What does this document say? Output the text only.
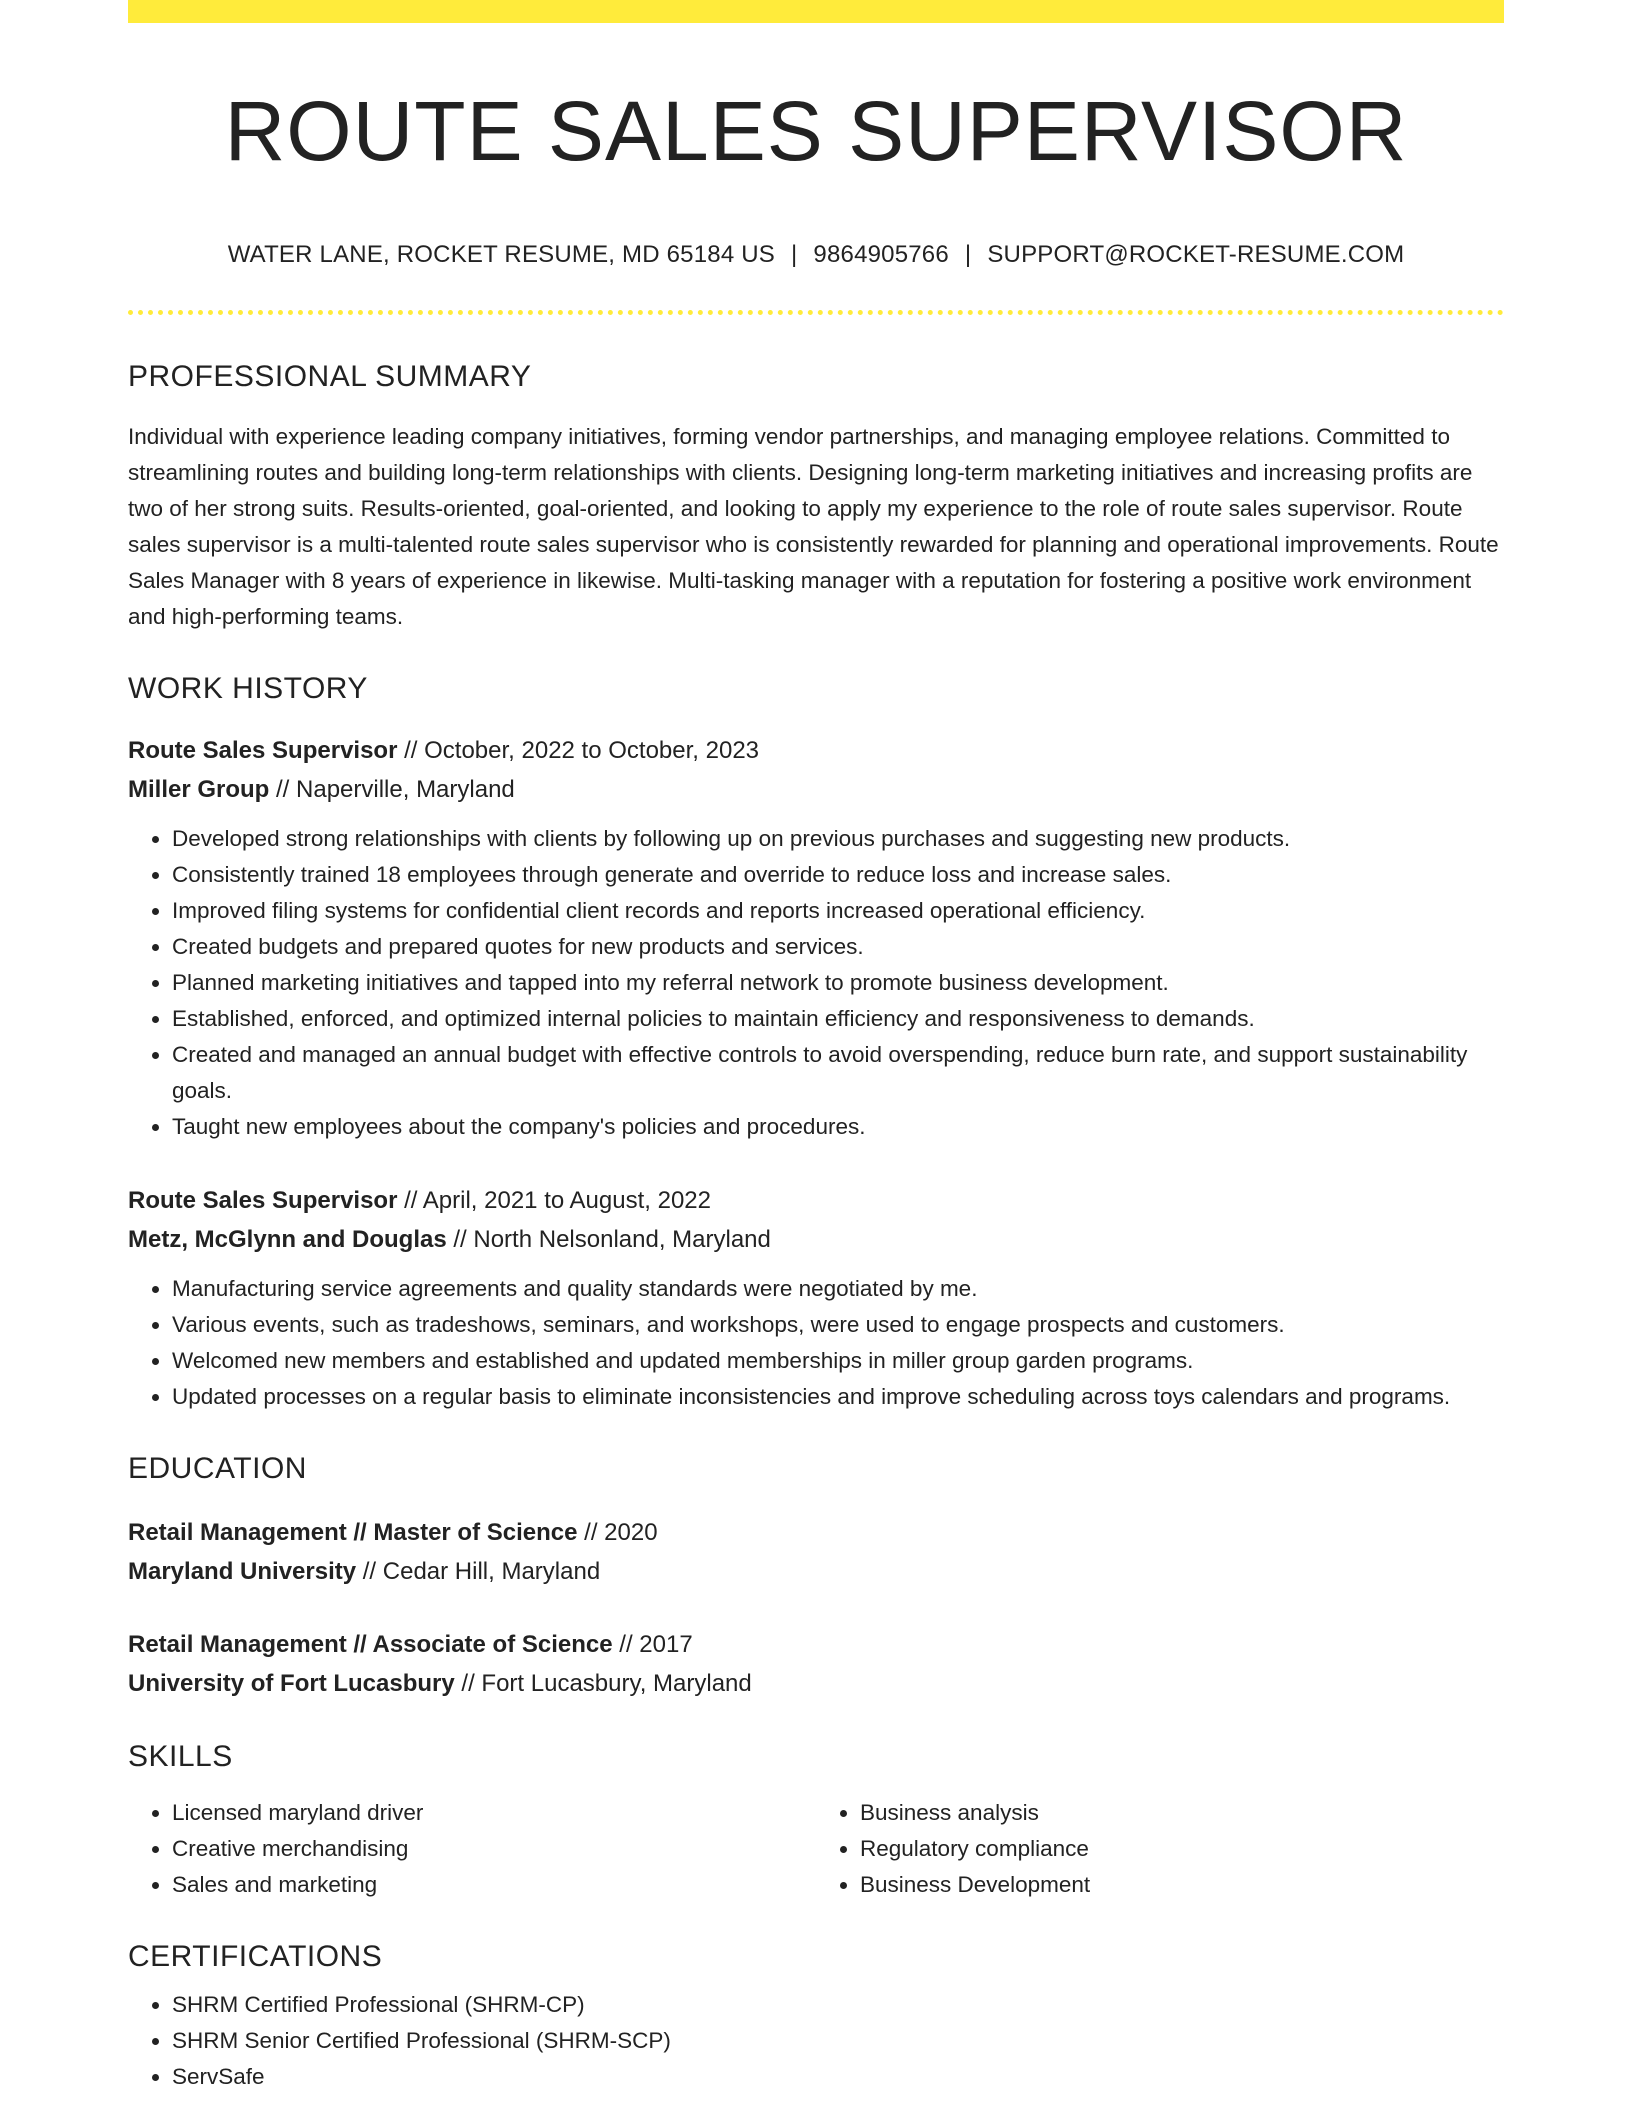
ROUTE SALES SUPERVISOR
WATER LANE, ROCKET RESUME, MD 65184 US | 9864905766 | SUPPORT@ROCKET-RESUME.COM
PROFESSIONAL SUMMARY

Individual with experience leading company initiatives, forming vendor partnerships, and managing employee relations. Committed to streamlining routes and building long-term relationships with clients. Designing long-term marketing initiatives and increasing profits are two of her strong suits. Results-oriented, goal-oriented, and looking to apply my experience to the role of route sales supervisor. Route sales supervisor is a multi-talented route sales supervisor who is consistently rewarded for planning and operational improvements. Route Sales Manager with 8 years of experience in likewise. Multi-tasking manager with a reputation for fostering a positive work environment and high-performing teams.

WORK HISTORY
Route Sales Supervisor // October, 2022 to October, 2023
Miller Group // Naperville, Maryland
• Developed strong relationships with clients by following up on previous purchases and suggesting new products.
• Consistently trained 18 employees through generate and override to reduce loss and increase sales.
• Improved filing systems for confidential client records and reports increased operational efficiency.
• Created budgets and prepared quotes for new products and services.
• Planned marketing initiatives and tapped into my referral network to promote business development.
• Established, enforced, and optimized internal policies to maintain efficiency and responsiveness to demands.
• Created and managed an annual budget with effective controls to avoid overspending, reduce burn rate, and support sustainability goals.
• Taught new employees about the company's policies and procedures.
Route Sales Supervisor // April, 2021 to August, 2022
Metz, McGlynn and Douglas // North Nelsonland, Maryland
• Manufacturing service agreements and quality standards were negotiated by me.
• Various events, such as tradeshows, seminars, and workshops, were used to engage prospects and customers.
• Welcomed new members and established and updated memberships in miller group garden programs.
• Updated processes on a regular basis to eliminate inconsistencies and improve scheduling across toys calendars and programs.
EDUCATION
Retail Management // Master of Science // 2020
Maryland University // Cedar Hill, Maryland
Retail Management // Associate of Science // 2017
University of Fort Lucasbury // Fort Lucasbury, Maryland
SKILLS
• Licensed maryland driver
• Creative merchandising
• Sales and marketing
• Business analysis
• Regulatory compliance
• Business Development
CERTIFICATIONS
• SHRM Certified Professional (SHRM-CP)
• SHRM Senior Certified Professional (SHRM-SCP)
• ServSafe
